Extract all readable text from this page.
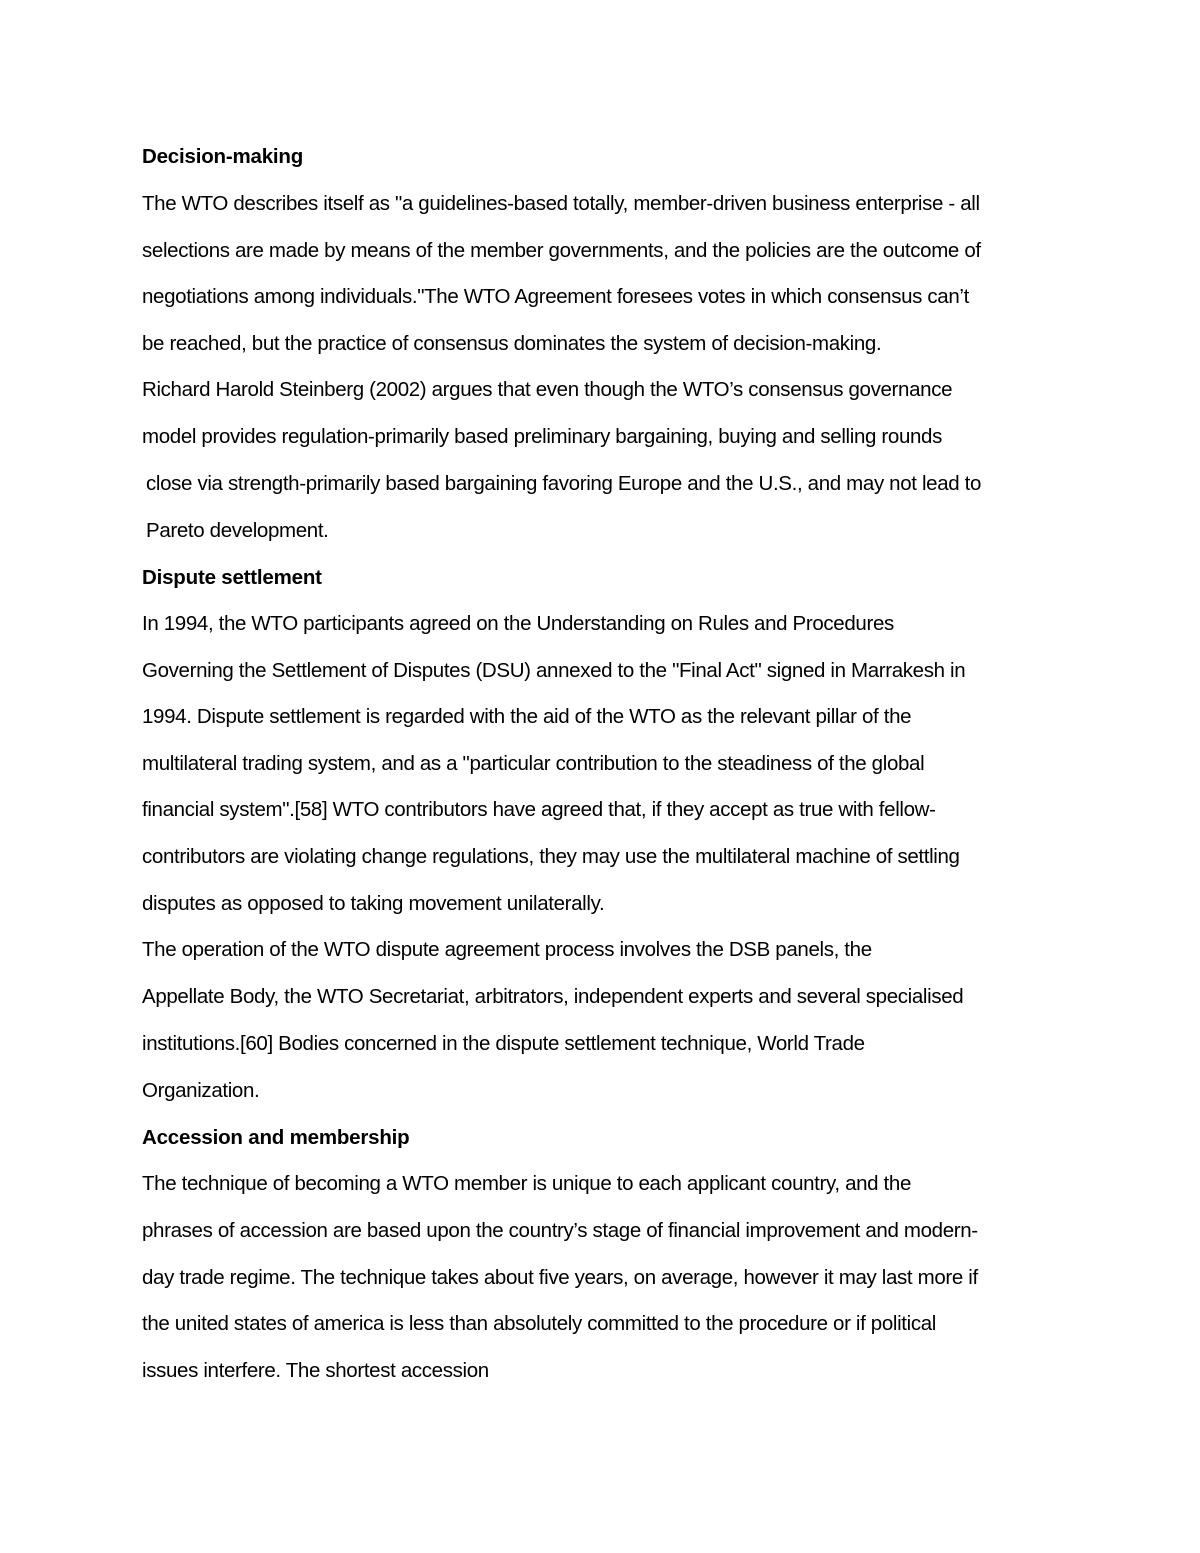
Decision-making
The WTO describes itself as "a guidelines-based totally, member-driven business enterprise - all
selections are made by means of the member governments, and the policies are the outcome of
negotiations among individuals."The WTO Agreement foresees votes in which consensus can’t
be reached, but the practice of consensus dominates the system of decision-making.
Richard Harold Steinberg (2002) argues that even though the WTO’s consensus governance
model provides regulation-primarily based preliminary bargaining, buying and selling rounds
close via strength-primarily based bargaining favoring Europe and the U.S., and may not lead to
Pareto development.
Dispute settlement
In 1994, the WTO participants agreed on the Understanding on Rules and Procedures
Governing the Settlement of Disputes (DSU) annexed to the "Final Act" signed in Marrakesh in
1994. Dispute settlement is regarded with the aid of the WTO as the relevant pillar of the
multilateral trading system, and as a "particular contribution to the steadiness of the global
financial system".[58] WTO contributors have agreed that, if they accept as true with fellow-
contributors are violating change regulations, they may use the multilateral machine of settling
disputes as opposed to taking movement unilaterally.
The operation of the WTO dispute agreement process involves the DSB panels, the
Appellate Body, the WTO Secretariat, arbitrators, independent experts and several specialised
institutions.[60] Bodies concerned in the dispute settlement technique, World Trade
Organization.
Accession and membership
The technique of becoming a WTO member is unique to each applicant country, and the
phrases of accession are based upon the country’s stage of financial improvement and modern-
day trade regime. The technique takes about five years, on average, however it may last more if
the united states of america is less than absolutely committed to the procedure or if political
issues interfere. The shortest accession
